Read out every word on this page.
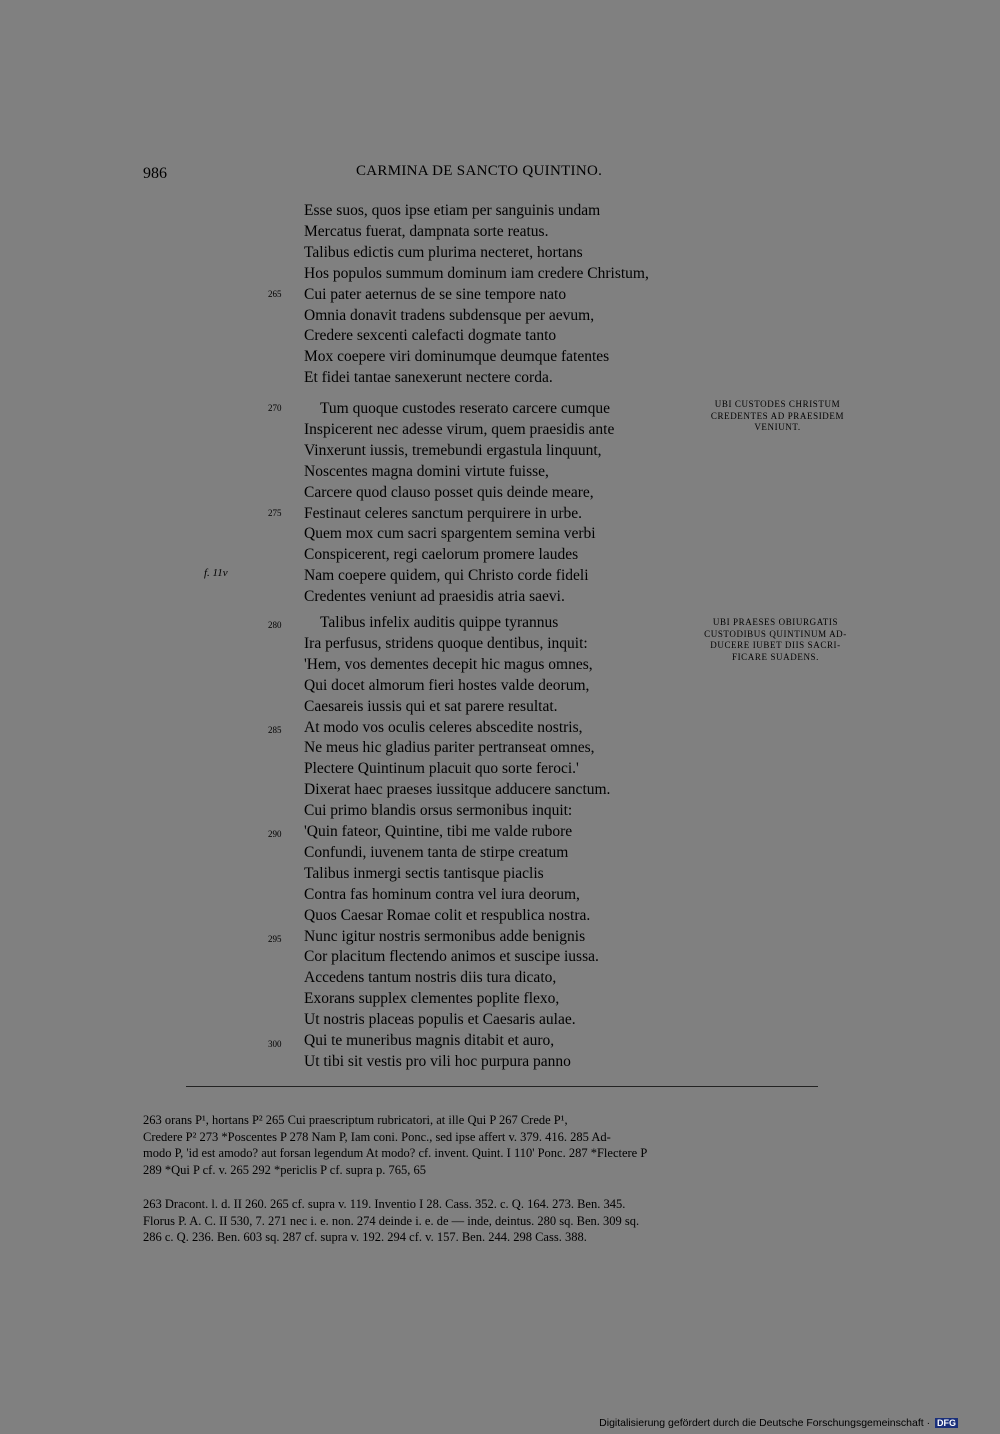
986	CARMINA DE SANCTO QUINTINO.
Esse suos, quos ipse etiam per sanguinis undam
Mercatus fuerat, dampnata sorte reatus.
Talibus edictis cum plurima necteret, hortans
Hos populos summum dominum iam credere Christum,
Cui pater aeternus de se sine tempore nato
Omnia donavit tradens subdensque per aevum,
Credere sexcenti calefacti dogmate tanto
Mox coepere viri dominumque deumque fatentes
Et fidei tantae sanexerunt nectere corda.
Tum quoque custodes reserato carcere cumque
Inspicerent nec adesse virum, quem praesidis ante
Vinxerunt iussis, tremebundi ergastula linquunt,
Noscentes magna domini virtute fuisse,
Carcere quod clauso posset quis deinde meare,
Festinaut celeres sanctum perquirere in urbe.
Quem mox cum sacri spargentem semina verbi
Conspicerent, regi caelorum promere laudes
Nam coepere quidem, qui Christo corde fideli
Credentes veniunt ad praesidis atria saevi.
Talibus infelix auditis quippe tyrannus
Ira perfusus, stridens quoque dentibus, inquit:
'Hem, vos dementes decepit hic magus omnes,
Qui docet almorum fieri hostes valde deorum,
Caesareis iussis qui et sat parere resultat.
At modo vos oculis celeres abscedite nostris,
Ne meus hic gladius pariter pertranseat omnes,
Plectere Quintinum placuit quo sorte feroci.'
Dixerat haec praeses iussitque adducere sanctum.
Cui primo blandis orsus sermonibus inquit:
'Quin fateor, Quintine, tibi me valde rubore
Confundi, iuvenem tanta de stirpe creatum
Talibus inmergi sectis tantisque piaclis
Contra fas hominum contra vel iura deorum,
Quos Caesar Romae colit et respublica nostra.
Nunc igitur nostris sermonibus adde benignis
Cor placitum flectendo animos et suscipe iussa.
Accedens tantum nostris diis tura dicato,
Exorans supplex clementes poplite flexo,
Ut nostris placeas populis et Caesaris aulae.
Qui te muneribus magnis ditabit et auro,
Ut tibi sit vestis pro vili hoc purpura panno
265
270
275
280
285
290
295
300
f. 11v
UBI CUSTODES CHRISTUM
CREDENTES AD PRAESIDEM
VENIUNT.
UBI PRAESES OBIURGATIS
CUSTODIBUS QUINTINUM AD-
DUCERE IUBET DIIS SACRI-
FICARE SUADENS.

263 orans P¹, hortans P² 265 Cui praescriptum rubricatori, at ille Qui P 267 Crede P¹,

Credere P² 273 *Poscentes P 278 Nam P, Iam coni. Ponc., sed ipse affert v. 379. 416. 285 Ad-

modo P, 'id est amodo? aut forsan legendum At modo? cf. invent. Quint. I 110' Ponc. 287 *Flectere P

289 *Qui P cf. v. 265 292 *periclis P cf. supra p. 765, 65

263 Dracont. l. d. II 260. 265 cf. supra v. 119. Inventio I 28. Cass. 352. c. Q. 164. 273. Ben. 345.

Florus P. A. C. II 530, 7. 271 nec i. e. non. 274 deinde i. e. de — inde, deintus. 280 sq. Ben. 309 sq.

286 c. Q. 236. Ben. 603 sq. 287 cf. supra v. 192. 294 cf. v. 157. Ben. 244. 298 Cass. 388.

Digitalisierung gefördert durch die Deutsche Forschungsgemeinschaft · DFG
